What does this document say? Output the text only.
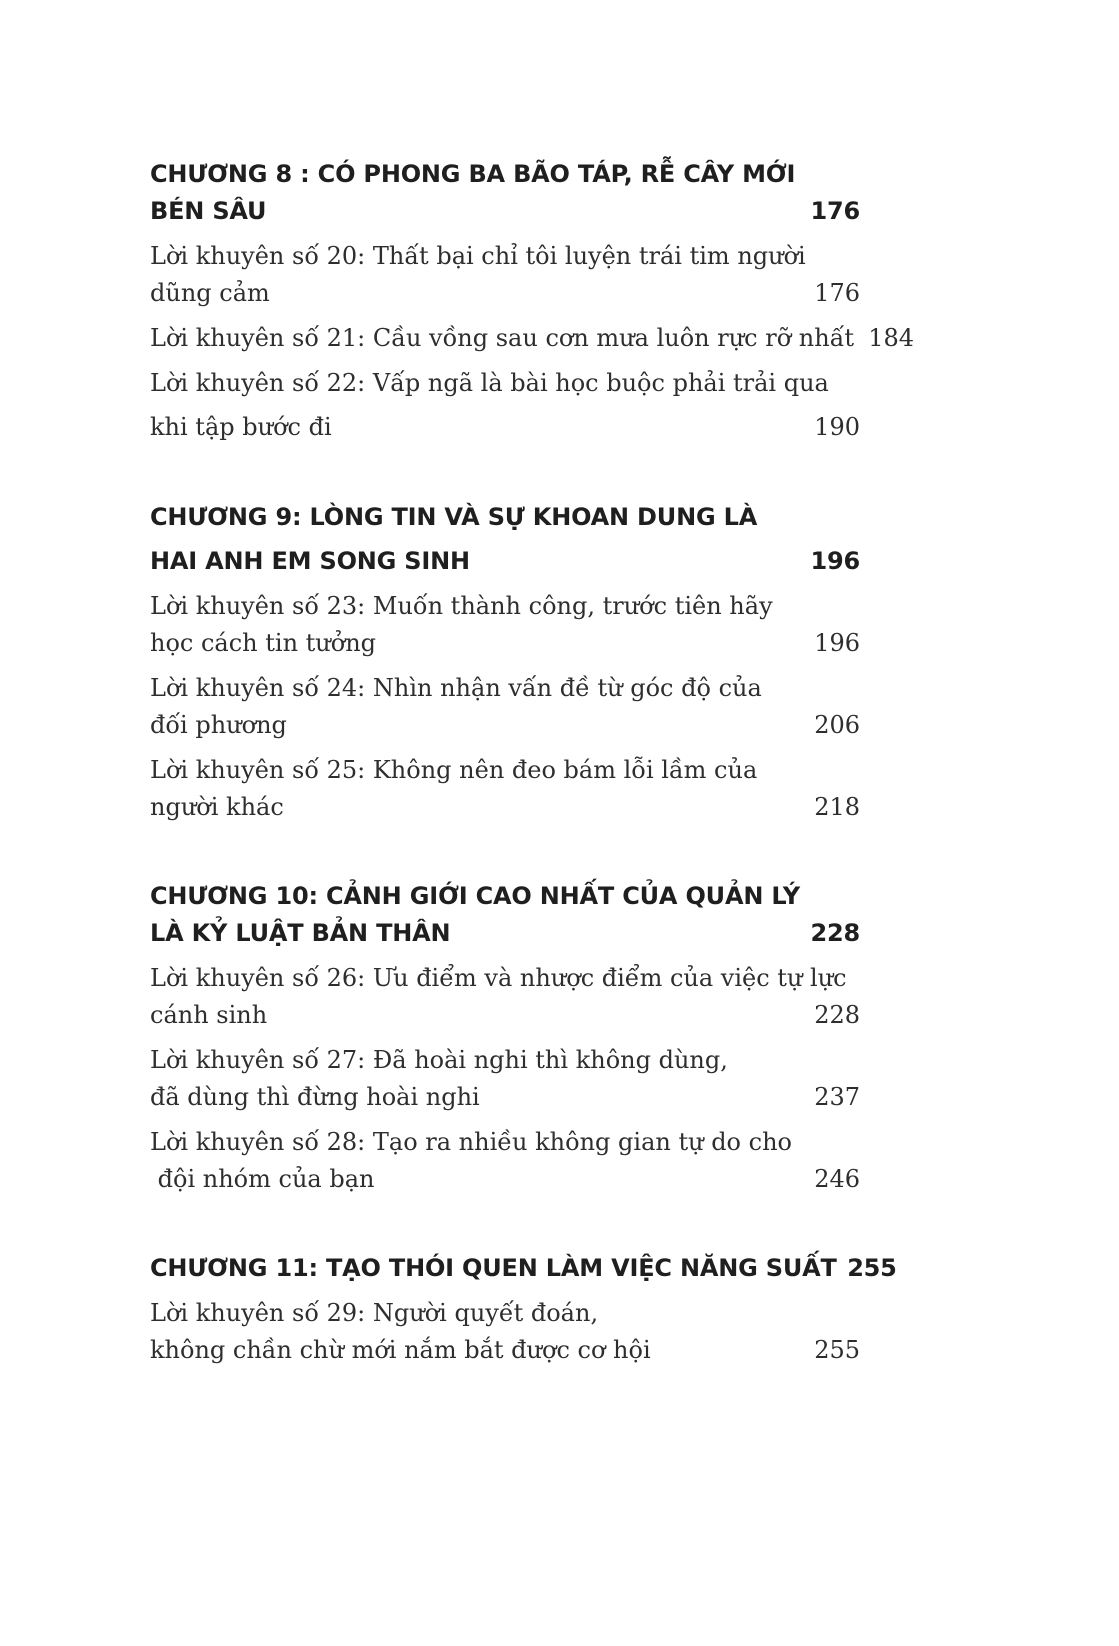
CHƯƠNG 8 : CÓ PHONG BA BÃO TÁP, RỄ CÂY MỚI
BÉN SÂU	176
Lời khuyên số 20: Thất bại chỉ tôi luyện trái tim người
dũng cảm	176
Lời khuyên số 21: Cầu vồng sau cơn mưa luôn rực rỡ nhất 184
Lời khuyên số 22: Vấp ngã là bài học buộc phải trải qua
khi tập bước đi	190
CHƯƠNG 9: LÒNG TIN VÀ SỰ KHOAN DUNG LÀ
HAI ANH EM SONG SINH	196
Lời khuyên số 23: Muốn thành công, trước tiên hãy
học cách tin tưởng	196
Lời khuyên số 24: Nhìn nhận vấn đề từ góc độ của
đối phương	206
Lời khuyên số 25: Không nên đeo bám lỗi lầm của
người khác	218
CHƯƠNG 10: CẢNH GIỚI CAO NHẤT CỦA QUẢN LÝ
LÀ KỶ LUẬT BẢN THÂN	228
Lời khuyên số 26: Ưu điểm và nhược điểm của việc tự lực
cánh sinh	228
Lời khuyên số 27: Đã hoài nghi thì không dùng,
đã dùng thì đừng hoài nghi	237
Lời khuyên số 28: Tạo ra nhiều không gian tự do cho
đội nhóm của bạn	246
CHƯƠNG 11: TẠO THÓI QUEN LÀM VIỆC NĂNG SUẤT 255
Lời khuyên số 29: Người quyết đoán,
không chần chừ mới nắm bắt được cơ hội	255
